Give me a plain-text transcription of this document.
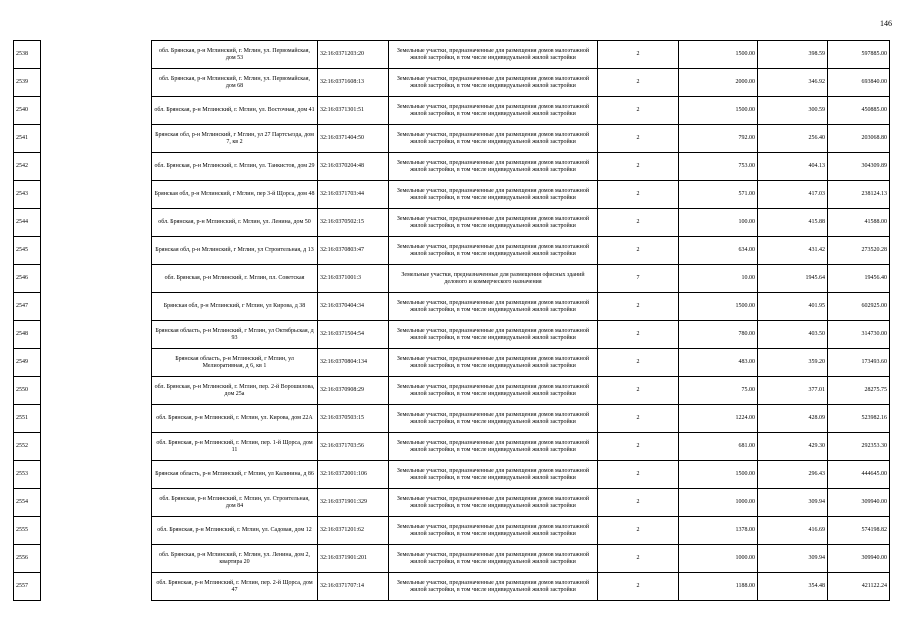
146
2538		обл. Брянская, р-н Мглинский, г. Мглин, ул. Первомайская, дом 53	32:16:0371203:20	Земельные участки, предназначенные для размещения домов малоэтажной жилой застройки, в том числе индивидуальной жилой застройки	2	1500.00	398.59	597885.00
2539		обл. Брянская, р-н Мглинский, г. Мглин, ул. Первомайская, дом 68	32:16:0371608:13	Земельные участки, предназначенные для размещения домов малоэтажной жилой застройки, в том числе индивидуальной жилой застройки	2	2000.00	346.92	693840.00
2540		обл. Брянская, р-н Мглинский, г. Мглин, ул. Восточная, дом 41	32:16:0371301:51	Земельные участки, предназначенные для размещения домов малоэтажной жилой застройки, в том числе индивидуальной жилой застройки	2	1500.00	300.59	450885.00
2541		Брянская обл, р-н Мглинский, г Мглин, ул 27 Партсъезда, дом 7, кв 2	32:16:0371404:50	Земельные участки, предназначенные для размещения домов малоэтажной жилой застройки, в том числе индивидуальной жилой застройки	2	792.00	256.40	203068.80
2542		обл. Брянская, р-н Мглинский, г. Мглин, ул. Танкистов, дом 29	32:16:0370204:48	Земельные участки, предназначенные для размещения домов малоэтажной жилой застройки, в том числе индивидуальной жилой застройки	2	753.00	404.13	304309.89
2543		Брянская обл, р-н Мглинский, г Мглин, пер 3-й Щорса, дом 48	32:16:0371703:44	Земельные участки, предназначенные для размещения домов малоэтажной жилой застройки, в том числе индивидуальной жилой застройки	2	571.00	417.03	238124.13
2544		обл. Брянская, р-н Мглинский, г. Мглин, ул. Ленина, дом 50	32:16:0370502:15	Земельные участки, предназначенные для размещения домов малоэтажной жилой застройки, в том числе индивидуальной жилой застройки	2	100.00	415.88	41588.00
2545		Брянская обл, р-н Мглинский, г Мглин, ул Строительная, д 13	32:16:0370803:47	Земельные участки, предназначенные для размещения домов малоэтажной жилой застройки, в том числе индивидуальной жилой застройки	2	634.00	431.42	273520.28
2546		обл. Брянская, р-н Мглинский, г. Мглин, пл. Советская	32:16:0371001:3	Земельные участки, предназначенные для размещения офисных зданий делового и коммерческого назначения	7	10.00	1945.64	19456.40
2547		Брянская обл, р-н Мглинский, г Мглин, ул Кирова, д 38	32:16:0370404:34	Земельные участки, предназначенные для размещения домов малоэтажной жилой застройки, в том числе индивидуальной жилой застройки	2	1500.00	401.95	602925.00
2548		Брянская область, р-н Мглинский, г Мглин, ул Октябрьская, д 93	32:16:0371504:54	Земельные участки, предназначенные для размещения домов малоэтажной жилой застройки, в том числе индивидуальной жилой застройки	2	780.00	403.50	314730.00
2549		Брянская область, р-н Мглинский, г Мглин, ул Мелиоративная, д 6, кв 1	32:16:0370804:134	Земельные участки, предназначенные для размещения домов малоэтажной жилой застройки, в том числе индивидуальной жилой застройки	2	483.00	359.20	173493.60
2550		обл. Брянская, р-н Мглинский, г. Мглин, пер. 2-й Ворошилова, дом 25а	32:16:0370908:29	Земельные участки, предназначенные для размещения домов малоэтажной жилой застройки, в том числе индивидуальной жилой застройки	2	75.00	377.01	28275.75
2551		обл. Брянская, р-н Мглинский, г. Мглин, ул. Кирова, дом 22А	32:16:0370503:15	Земельные участки, предназначенные для размещения домов малоэтажной жилой застройки, в том числе индивидуальной жилой застройки	2	1224.00	428.09	523982.16
2552		обл. Брянская, р-н Мглинский, г. Мглин, пер. 1-й Щорса, дом 11	32:16:0371703:56	Земельные участки, предназначенные для размещения домов малоэтажной жилой застройки, в том числе индивидуальной жилой застройки	2	681.00	429.30	292353.30
2553		Брянская область, р-н Мглинский, г Мглин, ул Калинина, д 86	32:16:0372001:106	Земельные участки, предназначенные для размещения домов малоэтажной жилой застройки, в том числе индивидуальной жилой застройки	2	1500.00	296.43	444645.00
2554		обл. Брянская, р-н Мглинский, г. Мглин, ул. Строительная, дом 84	32:16:0371901:329	Земельные участки, предназначенные для размещения домов малоэтажной жилой застройки, в том числе индивидуальной жилой застройки	2	1000.00	309.94	309940.00
2555		обл. Брянская, р-н Мглинский, г. Мглин, ул. Садовая, дом 12	32:16:0371201:62	Земельные участки, предназначенные для размещения домов малоэтажной жилой застройки, в том числе индивидуальной жилой застройки	2	1378.00	416.69	574198.82
2556		обл. Брянская, р-н Мглинский, г. Мглин, ул. Ленина, дом 2, квартира 20	32:16:0371901:201	Земельные участки, предназначенные для размещения домов малоэтажной жилой застройки, в том числе индивидуальной жилой застройки	2	1000.00	309.94	309940.00
2557		обл. Брянская, р-н Мглинский, г. Мглин, пер. 2-й Щорса, дом 47	32:16:0371707:14	Земельные участки, предназначенные для размещения домов малоэтажной жилой застройки, в том числе индивидуальной жилой застройки	2	1188.00	354.48	421122.24
